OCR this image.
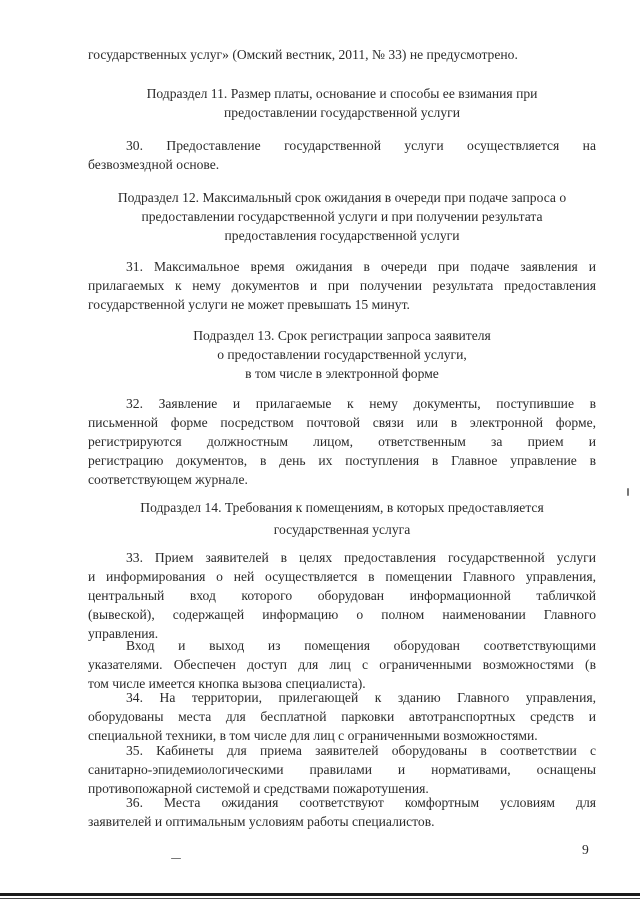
государственных услуг» (Омский вестник, 2011, № 33) не предусмотрено.

Подраздел 11. Размер платы, основание и способы ее взимания при
предоставлении государственной услуги
30. Предоставление государственной услуги осуществляется на
безвозмездной основе.
Подраздел 12. Максимальный срок ожидания в очереди при подаче запроса о
предоставлении государственной услуги и при получении результата
предоставления государственной услуги
31. Максимальное время ожидания в очереди при подаче заявления и
прилагаемых к нему документов и при получении результата предоставления
государственной услуги не может превышать 15 минут.
Подраздел 13. Срок регистрации запроса заявителя
о предоставлении государственной услуги,
в том числе в электронной форме
32. Заявление и прилагаемые к нему документы, поступившие в
письменной форме посредством почтовой связи или в электронной форме,
регистрируются должностным лицом, ответственным за прием и
регистрацию документов, в день их поступления в Главное управление в
соответствующем журнале.
Подраздел 14. Требования к помещениям, в которых предоставляется
государственная услуга
33. Прием заявителей в целях предоставления государственной услуги
и информирования о ней осуществляется в помещении Главного управления,
центральный вход которого оборудован информационной табличкой
(вывеской), содержащей информацию о полном наименовании Главного
управления.
Вход и выход из помещения оборудован соответствующими
указателями. Обеспечен доступ для лиц с ограниченными возможностями (в
том числе имеется кнопка вызова специалиста).
34. На территории, прилегающей к зданию Главного управления,
оборудованы места для бесплатной парковки автотранспортных средств и
специальной техники, в том числе для лиц с ограниченными возможностями.
35. Кабинеты для приема заявителей оборудованы в соответствии с
санитарно-эпидемиологическими правилами и нормативами, оснащены
противопожарной системой и средствами пожаротушения.
36. Места ожидания соответствуют комфортным условиям для
заявителей и оптимальным условиям работы специалистов.
9
